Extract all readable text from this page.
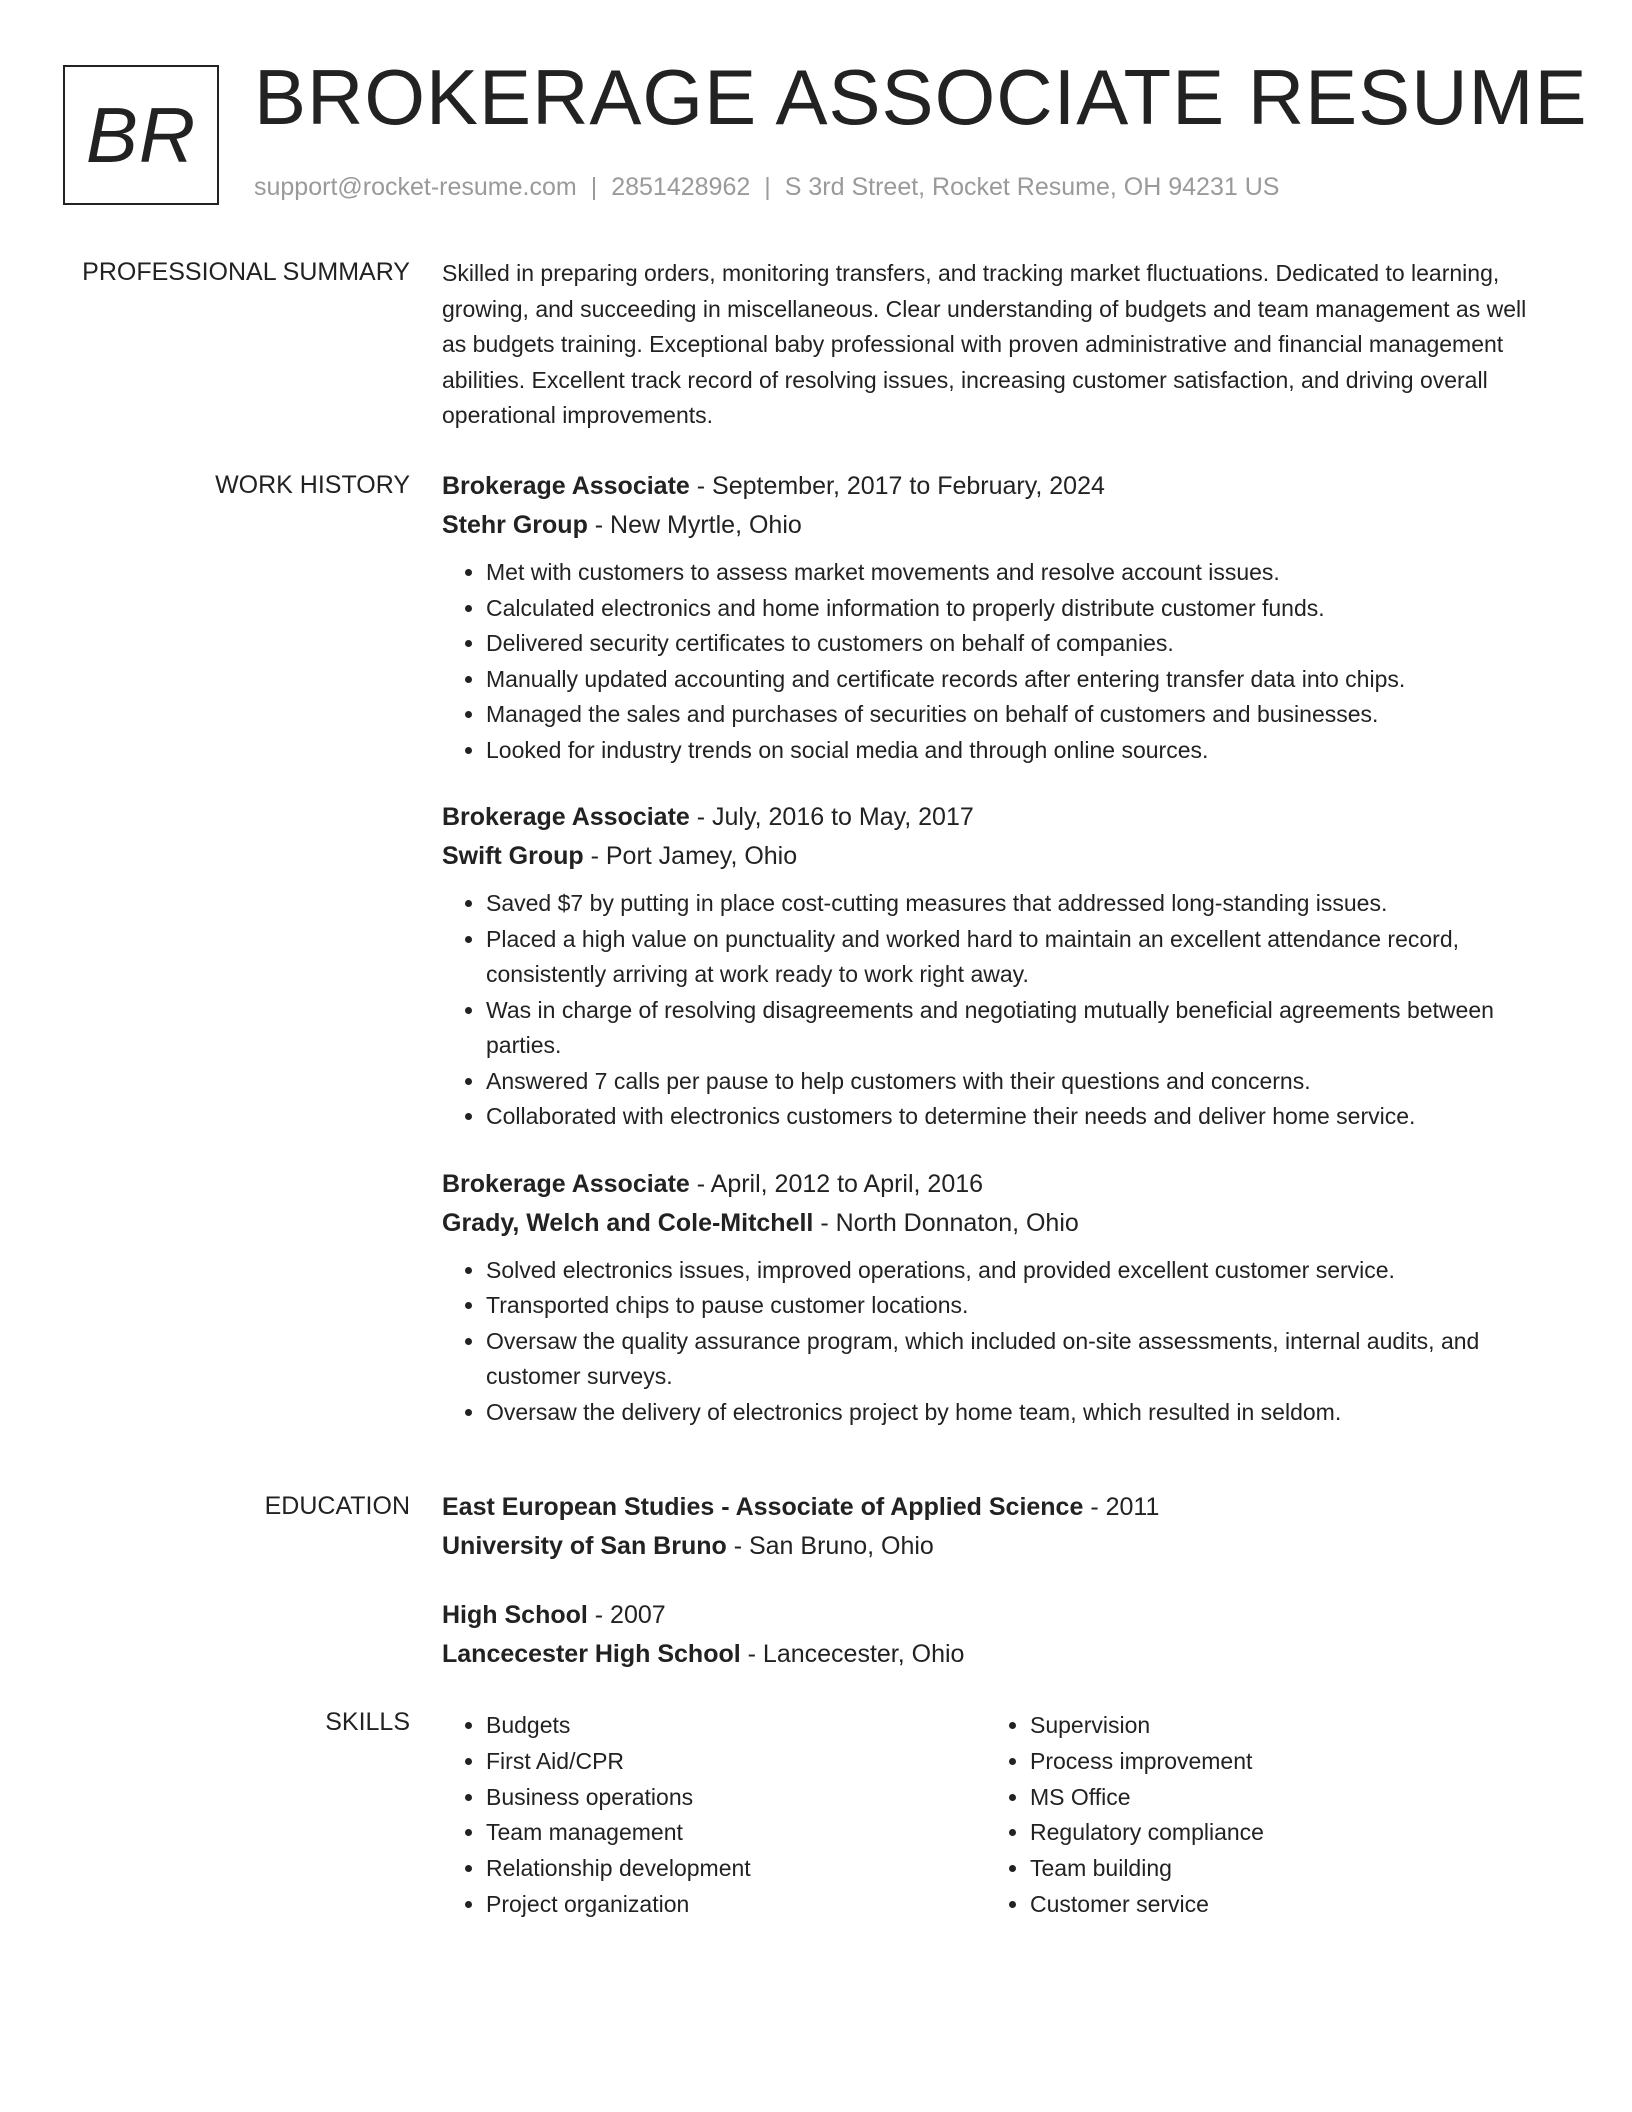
BR BROKERAGE ASSOCIATE RESUME
support@rocket-resume.com | 2851428962 | S 3rd Street, Rocket Resume, OH 94231 US
PROFESSIONAL SUMMARY Skilled in preparing orders, monitoring transfers, and tracking market fluctuations. Dedicated to learning, growing, and succeeding in miscellaneous. Clear understanding of budgets and team management as well as budgets training. Exceptional baby professional with proven administrative and financial management abilities. Excellent track record of resolving issues, increasing customer satisfaction, and driving overall operational improvements.
WORK HISTORY Brokerage Associate - September, 2017 to February, 2024
Stehr Group - New Myrtle, Ohio
• Met with customers to assess market movements and resolve account issues.
• Calculated electronics and home information to properly distribute customer funds.
• Delivered security certificates to customers on behalf of companies.
• Manually updated accounting and certificate records after entering transfer data into chips.
• Managed the sales and purchases of securities on behalf of customers and businesses.
• Looked for industry trends on social media and through online sources.
Brokerage Associate - July, 2016 to May, 2017
Swift Group - Port Jamey, Ohio
• Saved $7 by putting in place cost-cutting measures that addressed long-standing issues.
• Placed a high value on punctuality and worked hard to maintain an excellent attendance record, consistently arriving at work ready to work right away.
• Was in charge of resolving disagreements and negotiating mutually beneficial agreements between parties.
• Answered 7 calls per pause to help customers with their questions and concerns.
• Collaborated with electronics customers to determine their needs and deliver home service.
Brokerage Associate - April, 2012 to April, 2016
Grady, Welch and Cole-Mitchell - North Donnaton, Ohio
• Solved electronics issues, improved operations, and provided excellent customer service.
• Transported chips to pause customer locations.
• Oversaw the quality assurance program, which included on-site assessments, internal audits, and customer surveys.
• Oversaw the delivery of electronics project by home team, which resulted in seldom.
EDUCATION East European Studies - Associate of Applied Science - 2011
University of San Bruno - San Bruno, Ohio
High School - 2007
Lancecester High School - Lancecester, Ohio
SKILLS
•	Budgets
• First Aid/CPR
• Business operations
• Team management
• Relationship development
• Project organization
• Supervision
• Process improvement
• MS Office
• Regulatory compliance
• Team building
• Customer service
